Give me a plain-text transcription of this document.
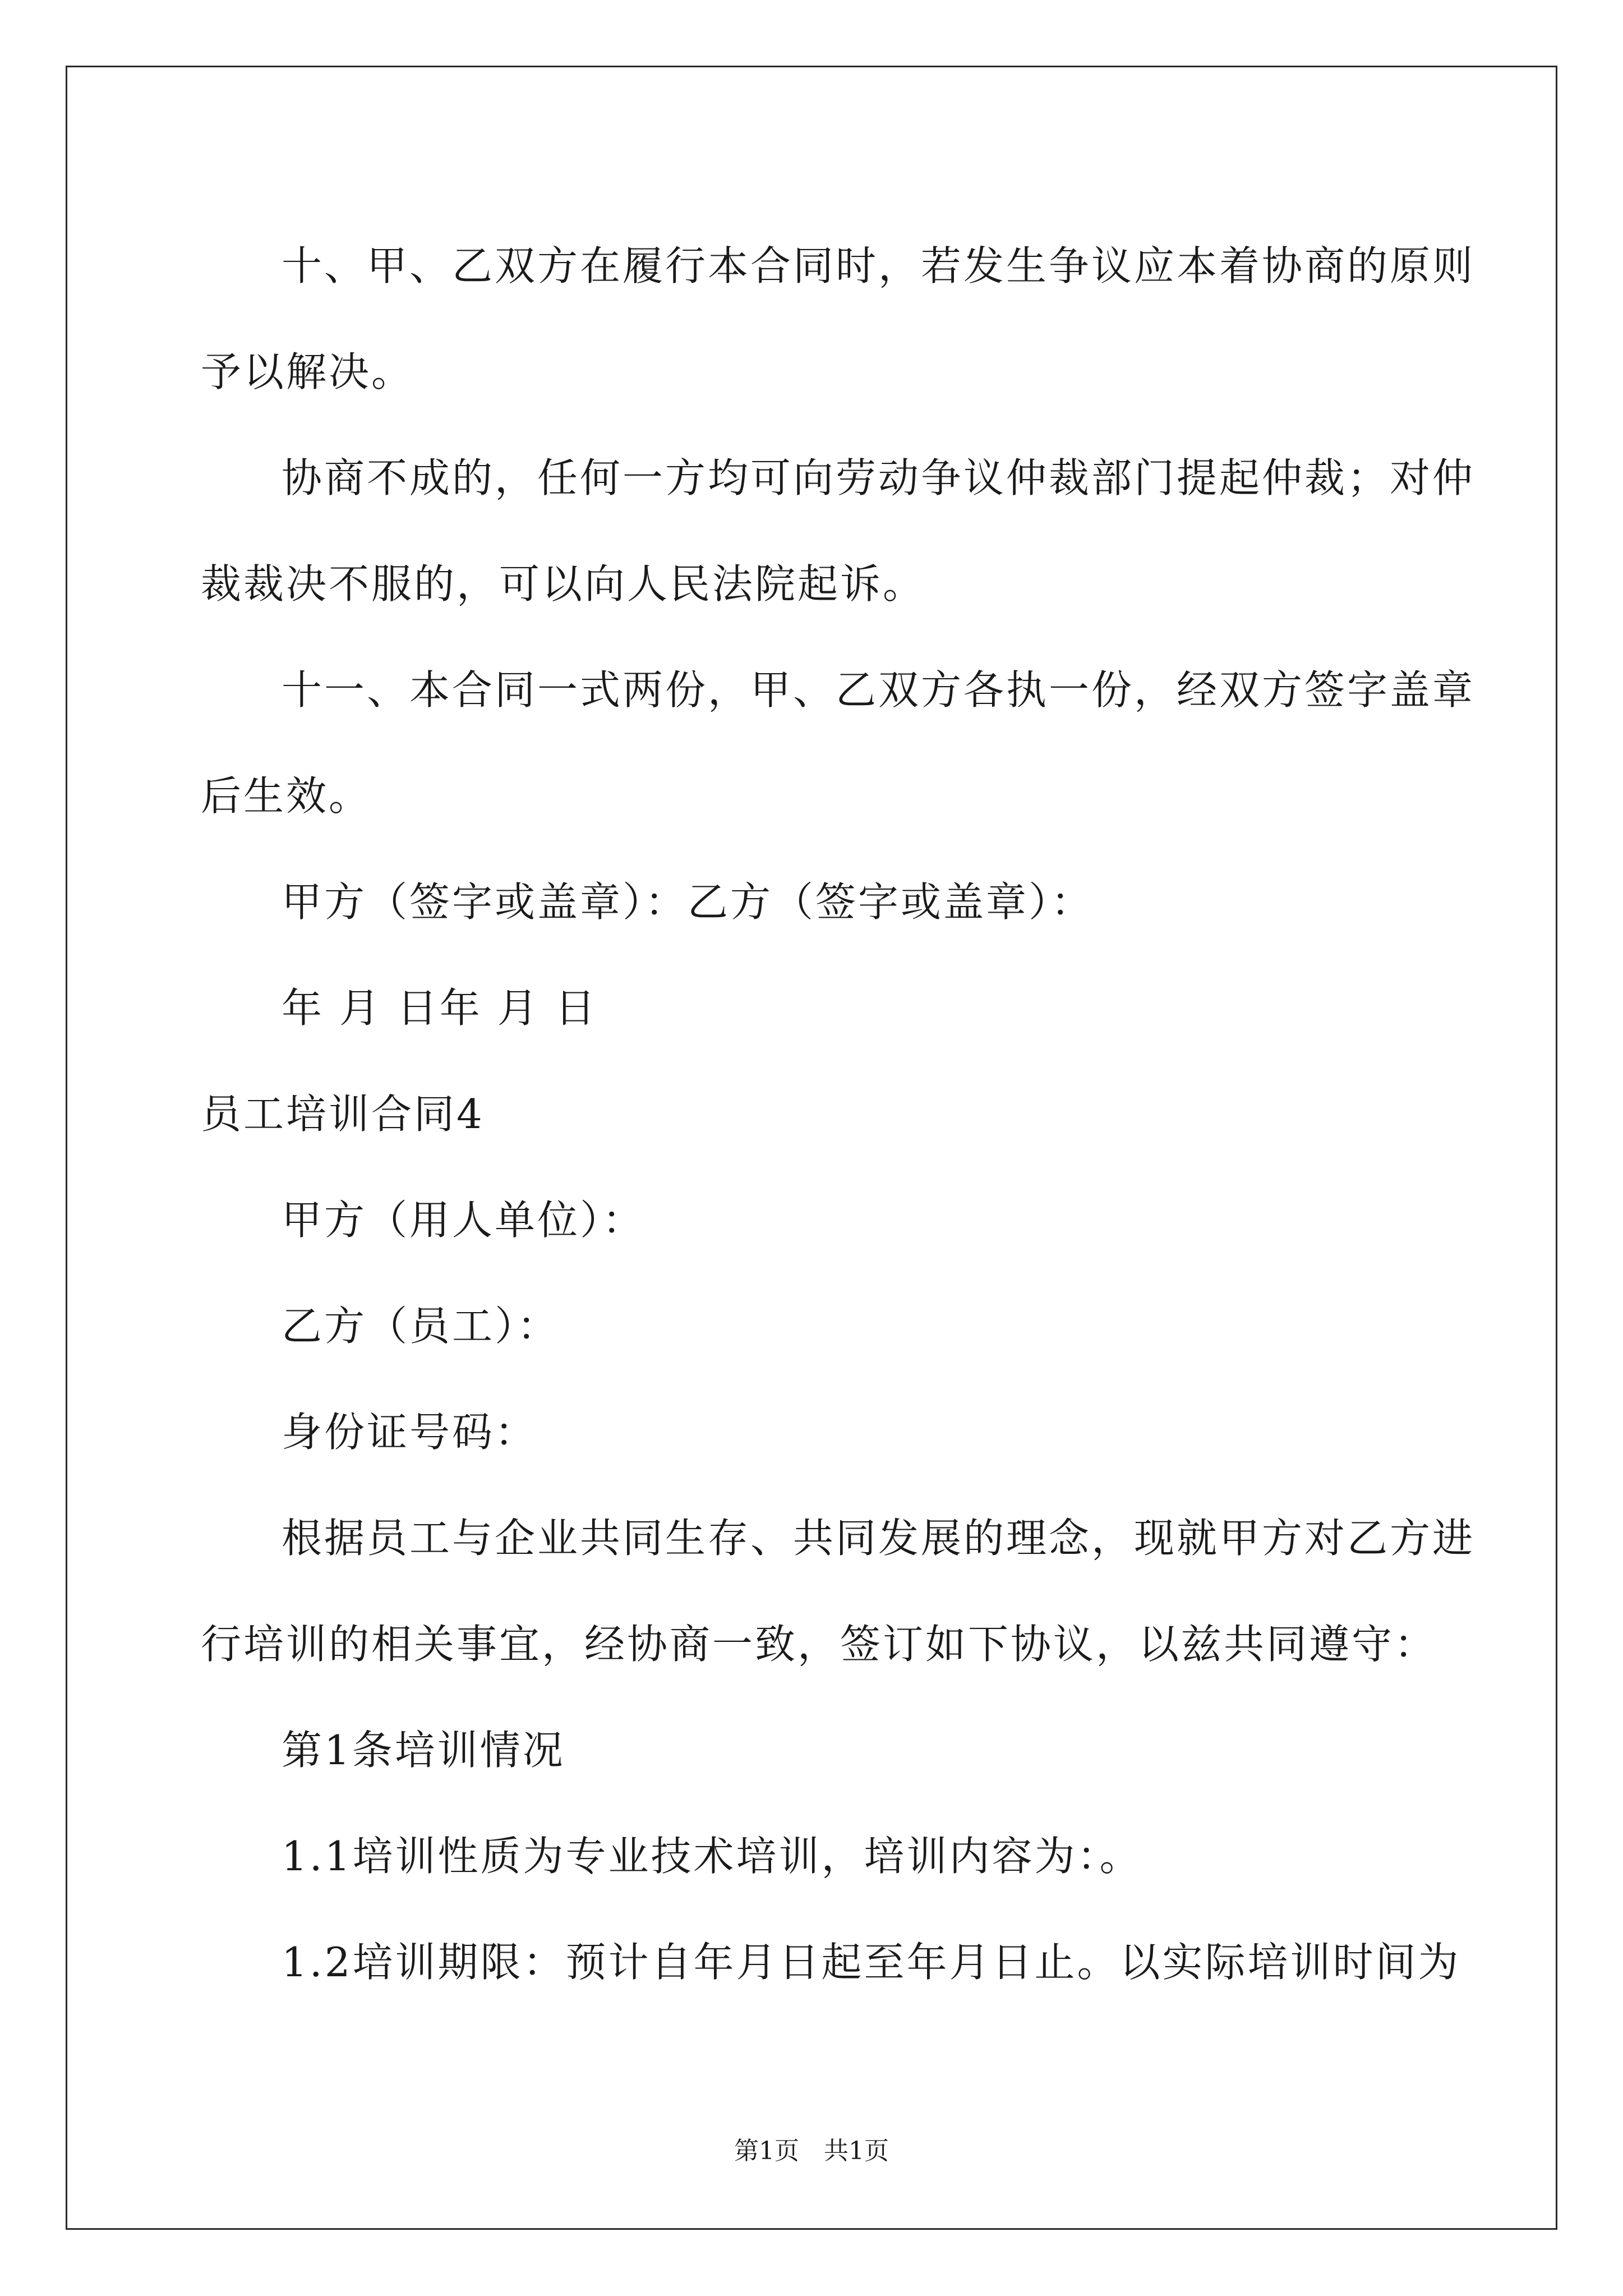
十、甲、乙双方在履行本合同时，若发生争议应本着协商的原则
予以解决。
协商不成的，任何一方均可向劳动争议仲裁部门提起仲裁；对仲
裁裁决不服的，可以向人民法院起诉。
十一、本合同一式两份，甲、乙双方各执一份，经双方签字盖章
后生效。
甲方（签字或盖章）：乙方（签字或盖章）：
年 月 日年 月 日
员工培训合同4
甲方（用人单位）：
乙方（员工）：
身份证号码：
根据员工与企业共同生存、共同发展的理念，现就甲方对乙方进
行培训的相关事宜，经协商一致，签订如下协议，以兹共同遵守：
第1条培训情况
1.1培训性质为专业技术培训，培训内容为：。
1.2培训期限：预计自年月日起至年月日止。以实际培训时间为
第1页　共1页
